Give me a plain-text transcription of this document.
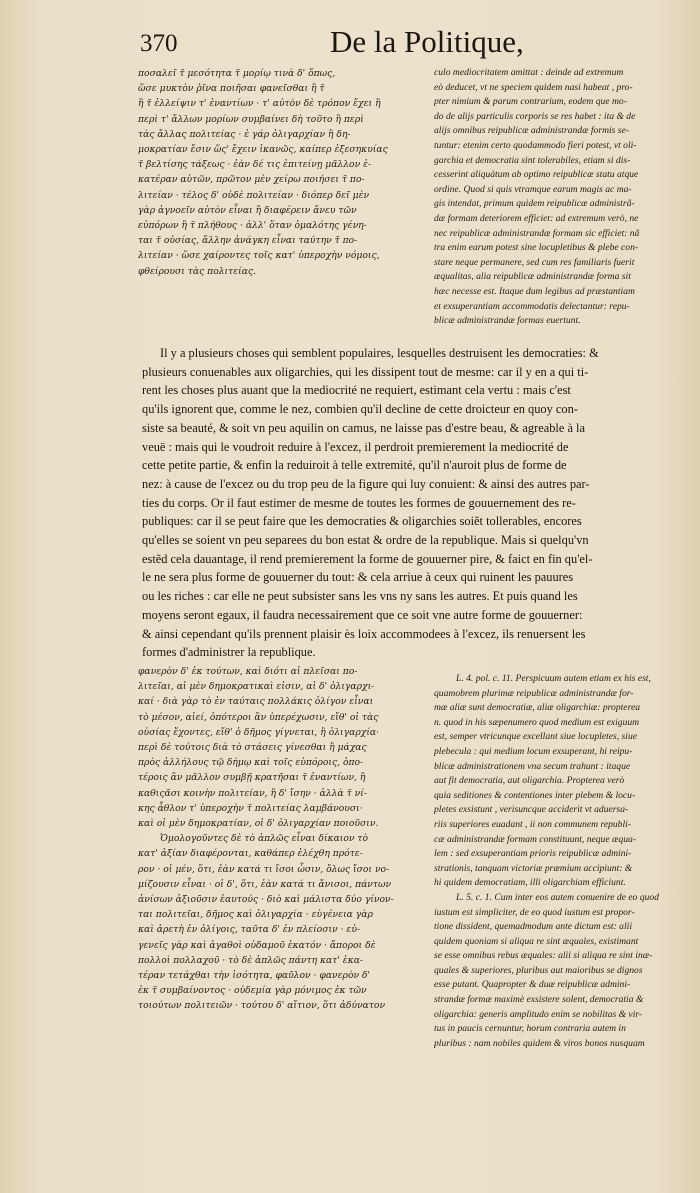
370	De la Politique,
ποσαλεῖ τ̃ μεσότητα τ̃ μορίῳ τινὰ δ' ὅπως,
ὥσε μυκτὸν ῥῖνα ποιῆσαι φανεῖσθαι ἢ τ̃
ἢ τ̃ ἐλλείψιν τ' ἐναντίων · τ' αὐτὸν δὲ τρόπον ἔχει ἢ
περὶ τ' ἄλλων μορίων συμβαίνει δὴ τοῦτο ἢ περὶ
τὰς ἄλλας πολιτείας · ἐ γάρ ὀλιγαρχίαν ἢ δη-
μοκρατίαν ἔσιν ὥς' ἔχειν ἱκανῶς, καίπερ ἐξεσηκυίας
τ̃ βελτίσης τάξεως · ἐὰν δέ τις ἐπιτείνῃ μᾶλλον ἑ-
κατέραν αὐτῶν, πρῶτον μὲν χείρω ποιήσει τ̃ πο-
λιτείαν · τέλος δ' οὐδὲ πολιτείαν · διόπερ δεῖ μὲν
γὰρ ἀγνοεῖν αὐτὸν εἶναι ἢ διαφέρειν ἄνευ τῶν
εὐπόρων ἢ τ̃ πλήθους · ἀλλ' ὅταν ὁμαλότης γένη-
ται τ̃ οὐσίας, ἄλλην ἀνάγκη εἶναι ταύτην τ̃ πο-
λιτείαν · ὥσε χαίροντες τοῖς κατ' ὑπεροχὴν νόμοις,
φθείρουσι τὰς πολιτείας.
culo mediocritatem amittat : deinde ad extremum
eò deducet, vt ne speciem quidem nasi habeat , pro-
pter nimium & parum contrarium, eodem que mo-
do de alijs particulis corporis se res habet : ita & de
alijs omnibus reipublicæ administrandæ formis se-
tuntur: etenim certo quodammodo fieri potest, vt oli-
garchia et democratia sint tolerabiles, etiam si dis-
cesserint aliquàtum ab optimo reipublicæ statu atque
ordine. Quod si quis vtramque earum magis ac ma-
gis intendat, primum quidem reipublicæ administrã-
dæ formam deteriorem efficiet: ad extremum verò, ne
nec reipublicæ administrandæ formam sic efficiet: nã
tra enim earum potest sine locupletibus & plebe con-
stare neque permanere, sed cum res familiaris fuerit
æqualitas, alia reipublicæ administrandæ forma sit
hæc necesse est. Itaque dum legibus ad præstantiam
et exsuperantiam accommodatis delectantur: repu-
blicæ administrandæ formas euertunt.
Il y a plusieurs choses qui semblent populaires, lesquelles destruisent les democraties: &
plusieurs conuenables aux oligarchies, qui les dissipent tout de mesme: car il y en a qui ti-
rent les choses plus auant que la mediocrité ne requiert, estimant cela vertu : mais c'est
qu'ils ignorent que, comme le nez, combien qu'il decline de cette droicteur en quoy con-
siste sa beauté, & soit vn peu aquilin on camus, ne laisse pas d'estre beau, & agreable à la
veuë : mais qui le voudroit reduire à l'excez, il perdroit premierement la mediocrité de
cette petite partie, & enfin la reduiroit à telle extremité, qu'il n'auroit plus de forme de
nez: à cause de l'excez ou du trop peu de la figure qui luy conuient: & ainsi des autres par-
ties du corps. Or il faut estimer de mesme de toutes les formes de gouuernement des re-
publiques: car il se peut faire que les democraties & oligarchies soiẽt tollerables, encores
qu'elles se soient vn peu separees du bon estat & ordre de la republique. Mais si quelqu'vn
estẽd cela dauantage, il rend premierement la forme de gouuerner pire, & faict en fin qu'el-
le ne sera plus forme de gouuerner du tout: & cela arriue à ceux qui ruinent les pauures
ou les riches : car elle ne peut subsister sans les vns ny sans les autres. Et puis quand les
moyens seront egaux, il faudra necessairement que ce soit vne autre forme de gouuerner:
& ainsi cependant qu'ils prennent plaisir ès loix accommodees à l'excez, ils renuersent les
formes d'administrer la republique.
φανερὸν δ' ἐκ τούτων, καὶ διότι αἱ πλεῖσαι πο-
λιτεῖαι, αἱ μὲν δημοκρατικαὶ εἰσιν, αἱ δ' ὀλιγαρχι-
καί · διὰ γὰρ τὸ ἐν ταύταις πολλάκις ὀλίγον εἶναι
τὸ μέσον, αἰεί, ὁπότεροι ἂν ὑπερέχωσιν, εἴθ' οἱ τὰς
οὐσίας ἔχοντες, εἴθ' ὁ δῆμος γίγνεται, ἢ ὀλιγαρχία·
περὶ δὲ τούτοις διὰ τὸ στάσεις γίνεσθαι ἢ μάχας
πρὸς ἀλλήλους τῷ δήμῳ καὶ τοῖς εὐπόροις, ὁπο-
τέροις ἂν μᾶλλον συμβῇ κρατῆσαι τ̃ ἐναντίων, ἢ
καθιςᾶσι κοινὴν πολιτείαν, ἢ δ' ἴσην · ἀλλὰ τ̃ νί-
κης ἆθλον τ' ὑπεροχὴν τ̃ πολιτείας λαμβάνουσι·
καὶ οἱ μὲν δημοκρατίαν, οἱ δ' ὀλιγαρχίαν ποιοῦσιν.
Ὁμολογοῦντες δὲ τὸ ἁπλῶς εἶναι δίκαιον τὸ
κατ' ἀξίαν διαφέρονται, καθάπερ ἐλέχθη πρότε-
ρον · οἱ μέν, ὅτι, ἐὰν κατά τι ἴσοι ὦσιν, ὅλως ἴσοι νο-
μίζουσιν εἶναι · οἱ δ', ὅτι, ἐὰν κατά τι ἄνισοι, πάντων
ἀνίσων ἀξιοῦσιν ἑαυτούς · διὸ καὶ μάλιστα δύο γίνον-
ται πολιτεῖαι, δῆμος καὶ ὀλιγαρχία · εὐγένεια γὰρ
καὶ ἀρετὴ ἐν ὀλίγοις, ταῦτα δ' ἐν πλείοσιν · εὐ-
γενεῖς γὰρ καὶ ἀγαθοὶ οὐδαμοῦ ἑκατόν · ἄποροι δὲ
πολλοὶ πολλαχοῦ · τὸ δὲ ἁπλῶς πάντη κατ' ἑκα-
τέραν τετάχθαι τὴν ἰσότητα, φαῦλον · φανερὸν δ'
ἐκ τ̃ συμβαίνοντος · οὐδεμία γὰρ μόνιμος ἐκ τῶν
τοιούτων πολιτειῶν · τούτου δ' αἴτιον, ὅτι ἀδύνατον
L. 4. pol. c. 11. Perspicuum autem etiam ex his est,
quamobrem plurimæ reipublicæ administrandæ for-
mæ aliæ sunt democratiæ, aliæ oligarchiæ: propterea
n. quod in his sæpenumero quod medium est exiguum
est, semper vtricunque excellant siue locupletes, siue
plebecula : qui medium locum exsuperant, hi reipu-
blicæ administrationem vna secum trahunt : itaque
aut fit democratia, aut oligarchia. Propterea verò
quia seditiones & contentiones inter plebem & locu-
pletes exsistunt , verisuncque acciderit vt aduersa-
riis superiores euadant , ii non communem republi-
cæ administrandæ formam constituunt, neque æqua-
lem : sed exsuperantiam prioris reipublicæ admini-
strationis, tanquam victoriæ præmium accipiunt: &
hi quidem democratiam, illi oligarchiam efficiunt.
L. 5. c. 1. Cum inter eos autem conuenire de eo quod
iustum est simpliciter, de eo quod iustum est propor-
tione dissident, quemadmodum ante dictum est: alii
quidem quoniam si aliqua re sint æquales, existimant
se esse omnibus rebus æquales: alii si aliqua re sint inæ-
quales & superiores, pluribus aut maioribus se dignos
esse putant. Quapropter & duæ reipublicæ admini-
strandæ formæ maximè exsistere solent, democratia &
oligarchia: generis amplitudo enim se nobilitas & vir-
tus in paucis cernuntur, horum contraria autem in
pluribus : nam nobiles quidem & viros bonos nusquam
